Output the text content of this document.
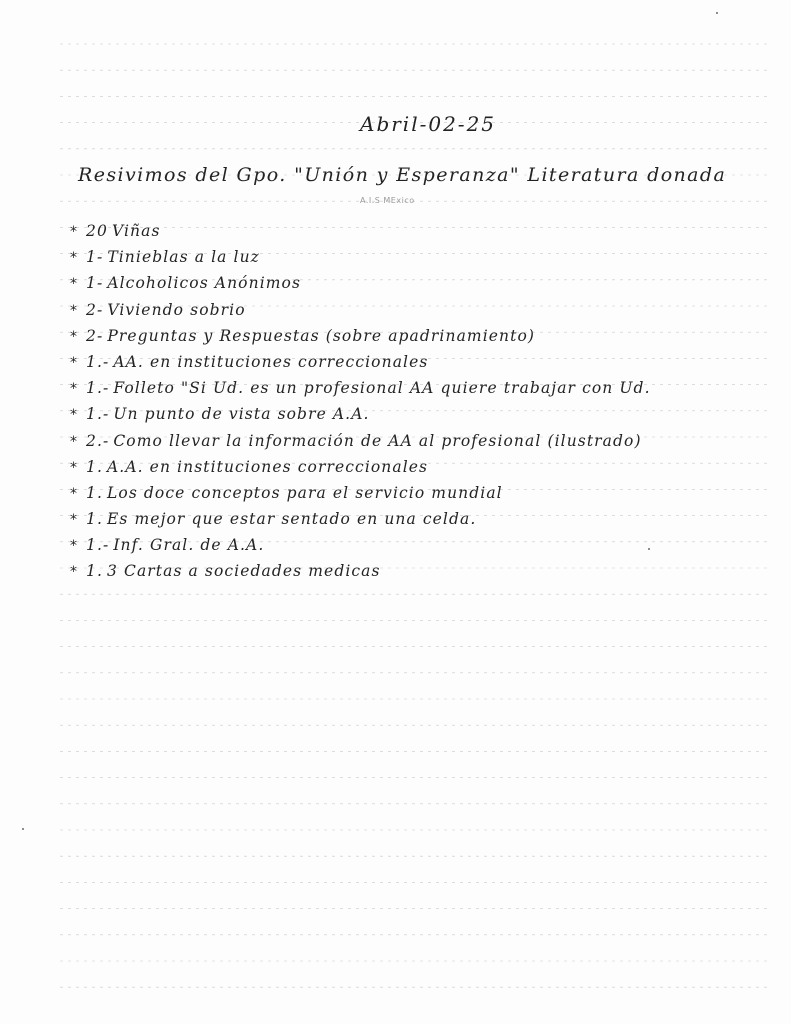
Abril-02-25
Resivimos del Gpo. "Unión y Esperanza" Literatura donada
A.I.S MExico
* 20 Viñas
* 1- Tinieblas a la luz
* 1- Alcoholicos Anónimos
* 2- Viviendo sobrio
* 2- Preguntas y Respuestas (sobre apadrinamiento)
* 1.- AA. en instituciones correccionales
* 1.- Folleto "Si Ud. es un profesional AA quiere trabajar con Ud.
* 1.- Un punto de vista sobre A.A.
* 2.- Como llevar la información de AA al profesional (ilustrado)
* 1. A.A. en instituciones correccionales
* 1. Los doce conceptos para el servicio mundial
* 1. Es mejor que estar sentado en una celda.
* 1.- Inf. Gral. de A.A.
* 1. 3 Cartas a sociedades medicas
